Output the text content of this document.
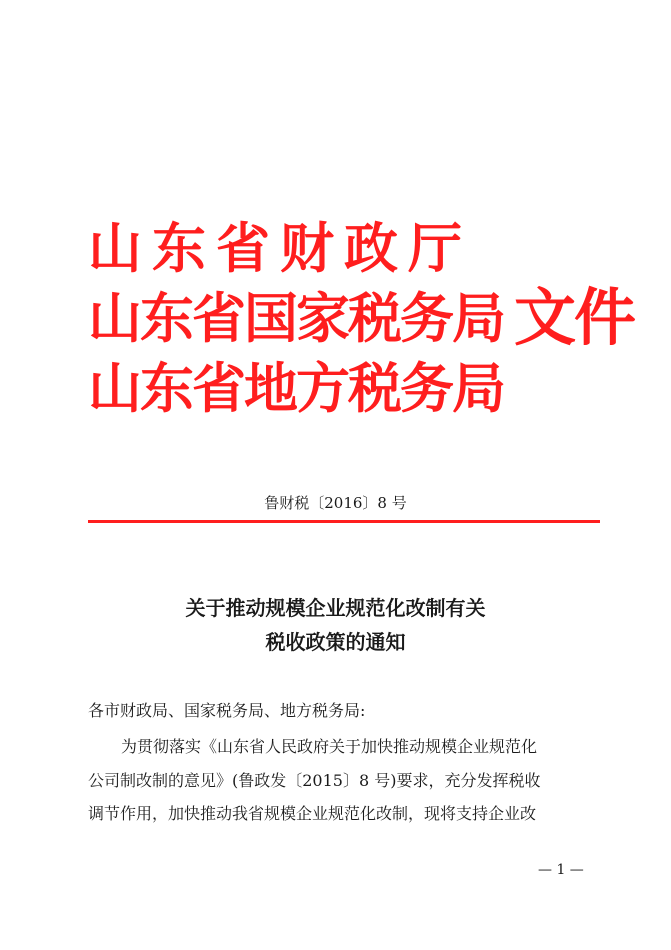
山东省财政厅
山东省国家税务局
山东省地方税务局
文件
鲁财税〔2016〕8 号
关于推动规模企业规范化改制有关
税收政策的通知
各市财政局、国家税务局、地方税务局:
为贯彻落实《山东省人民政府关于加快推动规模企业规范化
公司制改制的意见》(鲁政发〔2015〕8 号)要求，充分发挥税收
调节作用，加快推动我省规模企业规范化改制，现将支持企业改
— 1 —
